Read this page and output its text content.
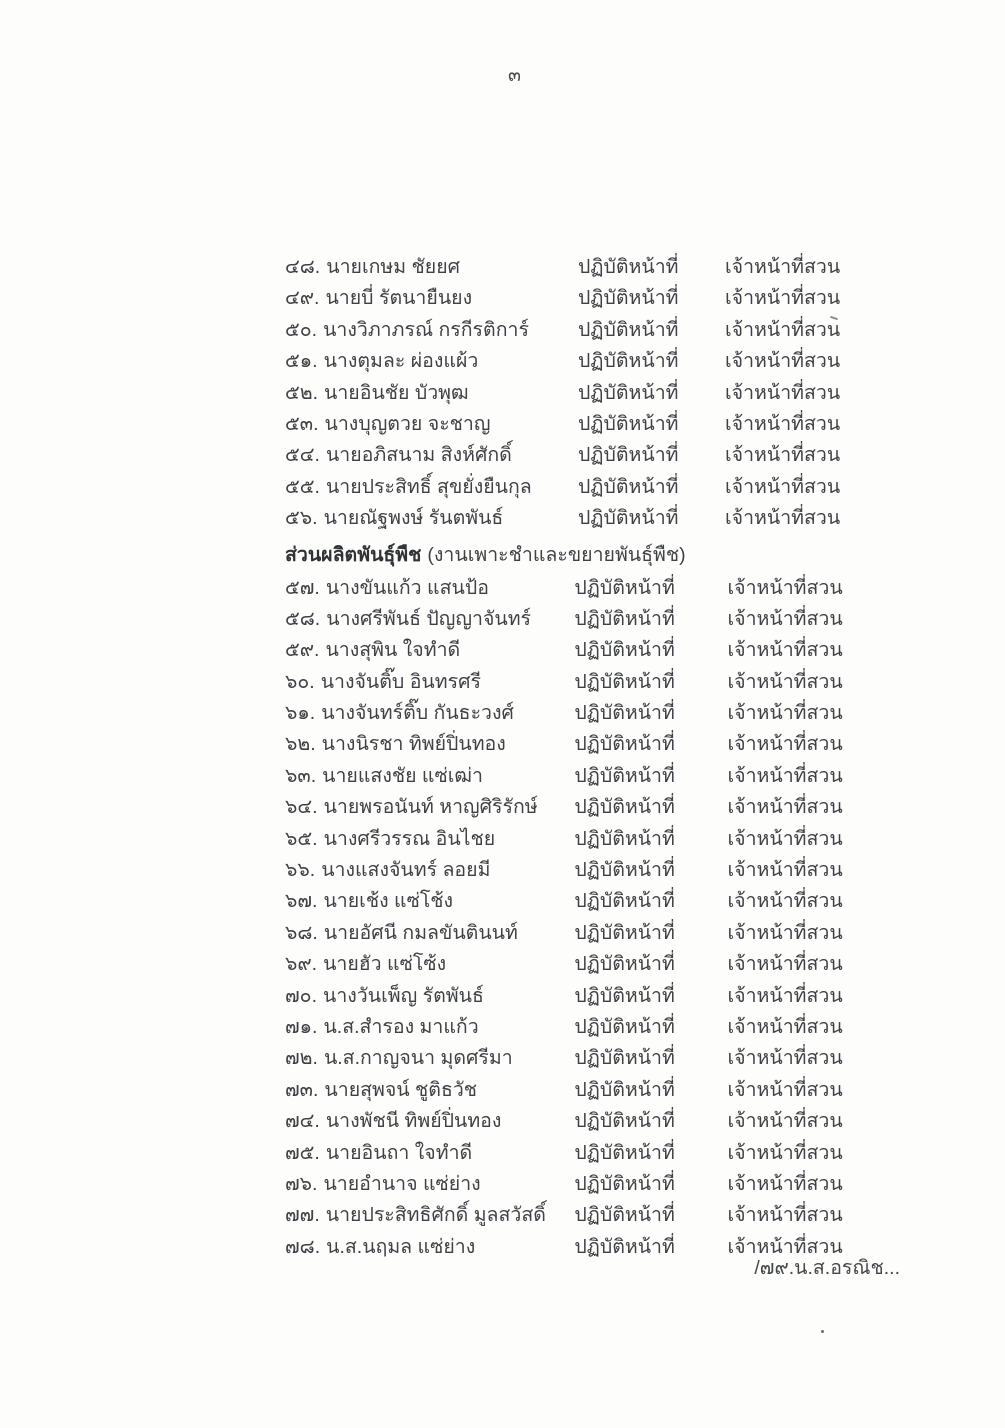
๓
๔๘. นายเกษม ชัยยศ	ปฏิบัติหน้าที่	เจ้าหน้าที่สวน
๔๙. นายบี่ รัตนายืนยง	ปฏิบัติหน้าที่	เจ้าหน้าที่สวน
๕๐. นางวิภาภรณ์ กรกีรติการ์	ปฏิบัติหน้าที่	เจ้าหน้าที่สวน
๕๑. นางตุมละ ผ่องแผ้ว	ปฏิบัติหน้าที่	เจ้าหน้าที่สวน
๕๒. นายอินชัย บัวพุฒ	ปฏิบัติหน้าที่	เจ้าหน้าที่สวน
๕๓. นางบุญตวย จะชาญ	ปฏิบัติหน้าที่	เจ้าหน้าที่สวน
๕๔. นายอภิสนาม สิงห์ศักดิ์	ปฏิบัติหน้าที่	เจ้าหน้าที่สวน
๕๕. นายประสิทธิ์ สุขยั่งยืนกุล ปฏิบัติหน้าที่	เจ้าหน้าที่สวน
๕๖. นายณัฐพงษ์ รันตพันธ์	ปฏิบัติหน้าที่	เจ้าหน้าที่สวน
ส่วนผลิตพันธุ์พืช (งานเพาะชำและขยายพันธุ์พืช)
๕๗. นางขันแก้ว แสนป้อ	ปฏิบัติหน้าที่	เจ้าหน้าที่สวน
๕๘. นางศรีพันธ์ ปัญญาจันทร์ ปฏิบัติหน้าที่	เจ้าหน้าที่สวน
๕๙. นางสุพิน ใจทำดี	ปฏิบัติหน้าที่	เจ้าหน้าที่สวน
๖๐. นางจันติ๊บ อินทรศรี	ปฏิบัติหน้าที่	เจ้าหน้าที่สวน
๖๑. นางจันทร์ติ๊บ กันธะวงศ์	ปฏิบัติหน้าที่	เจ้าหน้าที่สวน
๖๒. นางนิรชา ทิพย์ปิ่นทอง	ปฏิบัติหน้าที่	เจ้าหน้าที่สวน
๖๓. นายแสงชัย แซ่เฒ่า	ปฏิบัติหน้าที่	เจ้าหน้าที่สวน
๖๔. นายพรอนันท์ หาญศิริรักษ์ ปฏิบัติหน้าที่	เจ้าหน้าที่สวน
๖๕. นางศรีวรรณ อินไชย	ปฏิบัติหน้าที่	เจ้าหน้าที่สวน
๖๖. นางแสงจันทร์ ลอยมี	ปฏิบัติหน้าที่	เจ้าหน้าที่สวน
๖๗. นายเช้ง แซ่โช้ง	ปฏิบัติหน้าที่	เจ้าหน้าที่สวน
๖๘. นายอัศนี กมลขันตินนท์	ปฏิบัติหน้าที่	เจ้าหน้าที่สวน
๖๙. นายฮัว แซ่โซ้ง	ปฏิบัติหน้าที่	เจ้าหน้าที่สวน
๗๐. นางวันเพ็ญ รัตพันธ์	ปฏิบัติหน้าที่	เจ้าหน้าที่สวน
๗๑. น.ส.สำรอง มาแก้ว	ปฏิบัติหน้าที่	เจ้าหน้าที่สวน
๗๒. น.ส.กาญจนา มุดศรีมา	ปฏิบัติหน้าที่	เจ้าหน้าที่สวน
๗๓. นายสุพจน์ ชูติธวัช	ปฏิบัติหน้าที่	เจ้าหน้าที่สวน
๗๔. นางพัชนี ทิพย์ปิ่นทอง	ปฏิบัติหน้าที่	เจ้าหน้าที่สวน
๗๕. นายอินถา ใจทำดี	ปฏิบัติหน้าที่	เจ้าหน้าที่สวน
๗๖. นายอำนาจ แซ่ย่าง	ปฏิบัติหน้าที่	เจ้าหน้าที่สวน
๗๗. นายประสิทธิศักดิ์ มูลสวัสดิ์ ปฏิบัติหน้าที่	เจ้าหน้าที่สวน
๗๘. น.ส.นฤมล แซ่ย่าง	ปฏิบัติหน้าที่	เจ้าหน้าที่สวน
/๗๙.น.ส.อรณิช...
